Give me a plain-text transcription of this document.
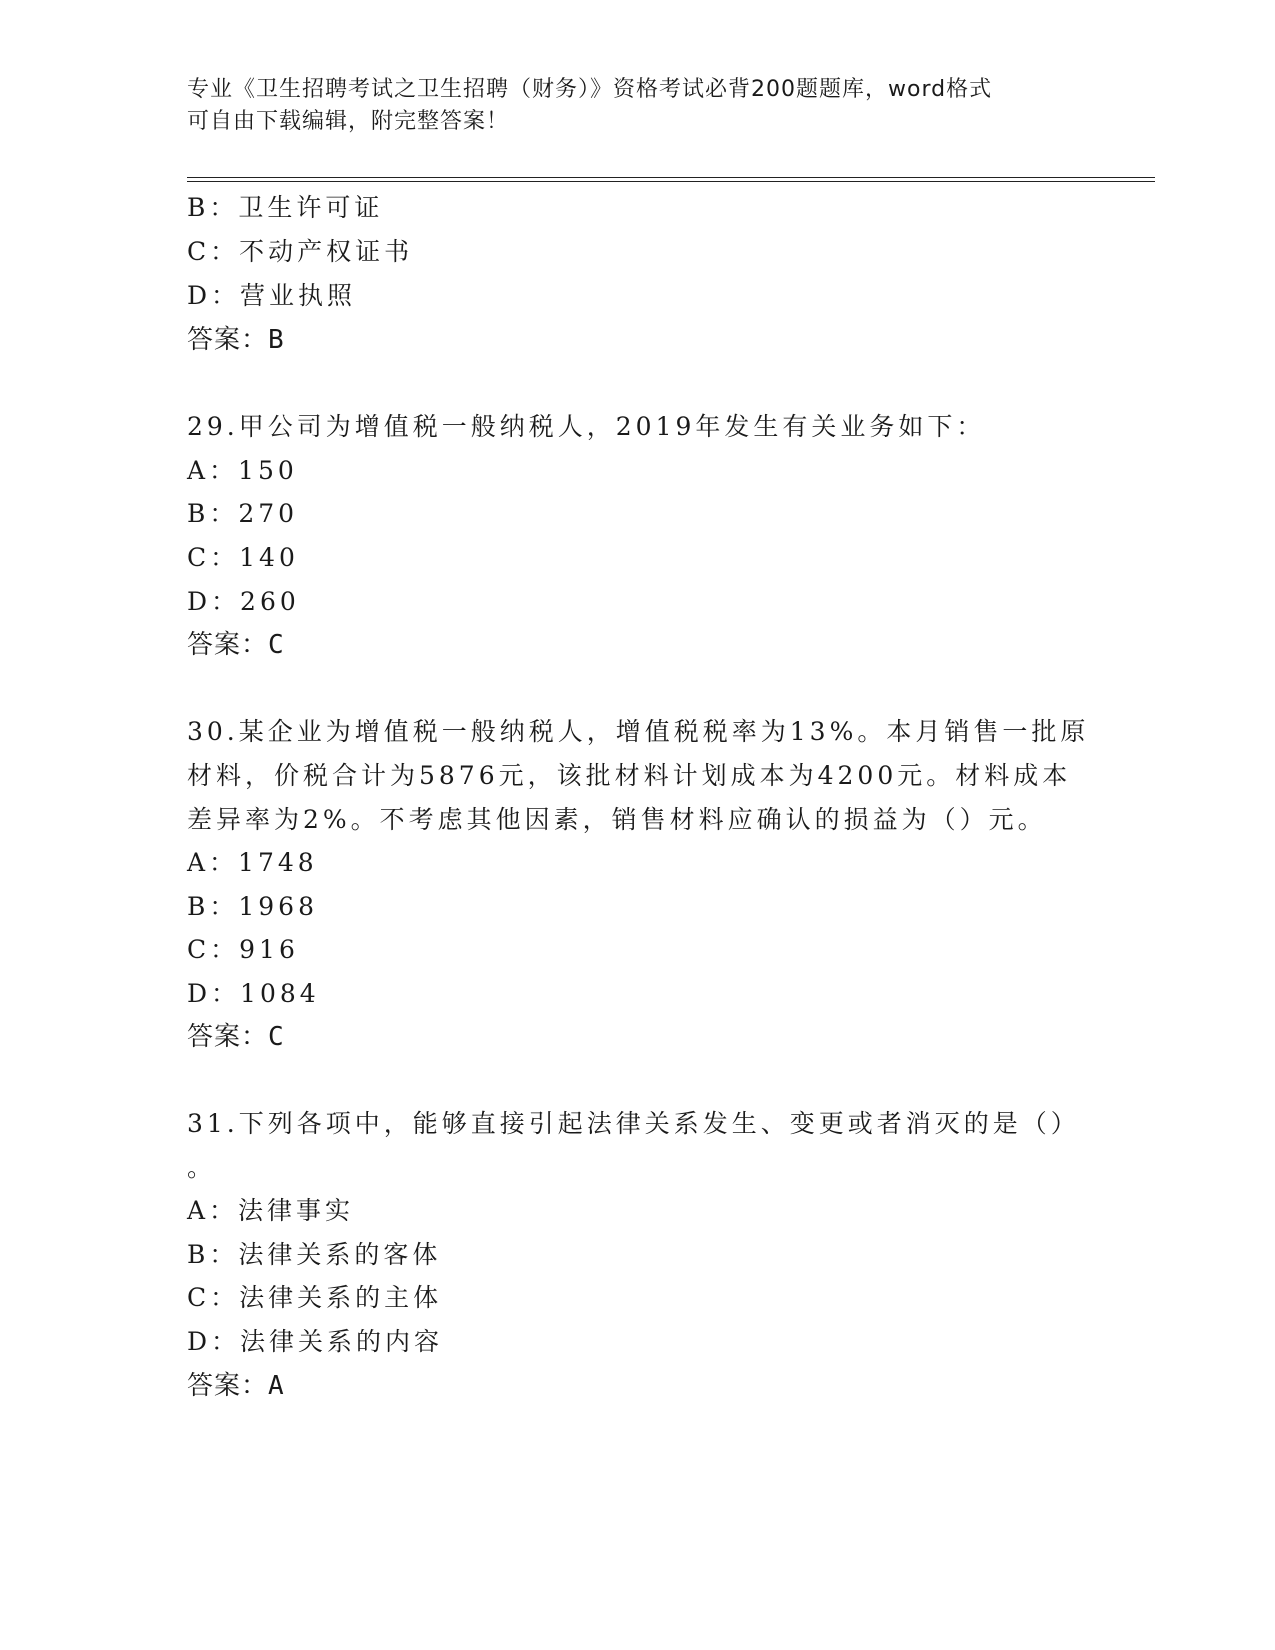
专业《卫生招聘考试之卫生招聘（财务）》资格考试必背200题题库，word格式
可自由下载编辑，附完整答案！
B：卫生许可证
C：不动产权证书
D：营业执照
答案：B
29.甲公司为增值税一般纳税人，2019年发生有关业务如下：
A：150
B：270
C：140
D：260
答案：C
30.某企业为增值税一般纳税人，增值税税率为13%。本月销售一批原
材料，价税合计为5876元，该批材料计划成本为4200元。材料成本
差异率为2%。不考虑其他因素，销售材料应确认的损益为（）元。
A：1748
B：1968
C：916
D：1084
答案：C
31.下列各项中，能够直接引起法律关系发生、变更或者消灭的是（）
。
A：法律事实
B：法律关系的客体
C：法律关系的主体
D：法律关系的内容
答案：A
